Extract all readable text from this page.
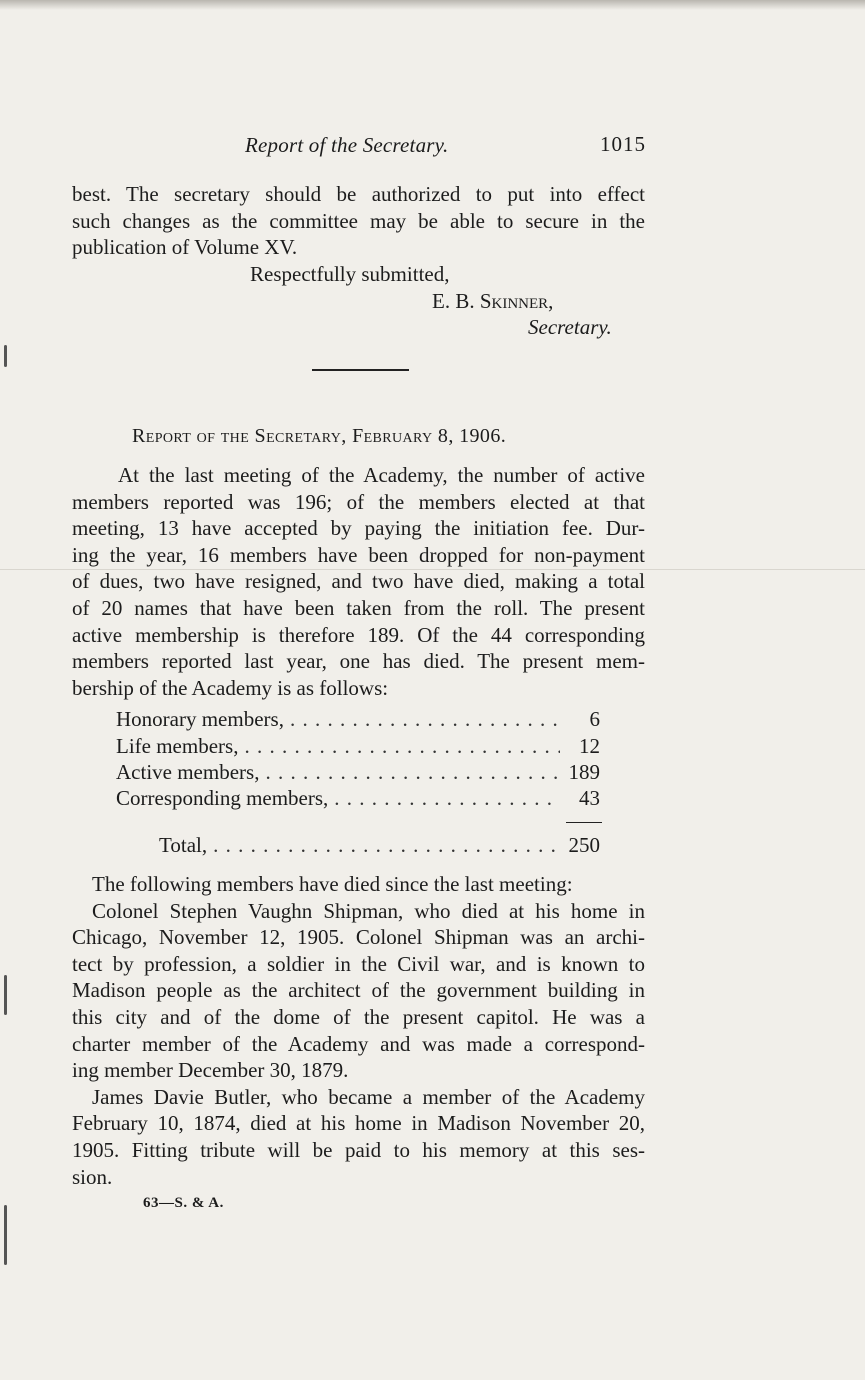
Report of the Secretary.	1015
best. The secretary should be authorized to put into effect
such changes as the committee may be able to secure in the
publication of Volume XV.
Respectfully submitted,
E. B. Skinner,
Secretary.
Report of the Secretary, February 8, 1906.
At the last meeting of the Academy, the number of active
members reported was 196; of the members elected at that
meeting, 13 have accepted by paying the initiation fee. Dur-
ing the year, 16 members have been dropped for non-payment
of dues, two have resigned, and two have died, making a total
of 20 names that have been taken from the roll. The present
active membership is therefore 189. Of the 44 corresponding
members reported last year, one has died. The present mem-
bership of the Academy is as follows:
Honorary members, . . .	6
Life members, . . .	12
Active members, . . .	189
Corresponding members, . . .	43
Total, . . .	250
The following members have died since the last meeting:
Colonel Stephen Vaughn Shipman, who died at his home in
Chicago, November 12, 1905. Colonel Shipman was an archi-
tect by profession, a soldier in the Civil war, and is known to
Madison people as the architect of the government building in
this city and of the dome of the present capitol. He was a
charter member of the Academy and was made a correspond-
ing member December 30, 1879.
James Davie Butler, who became a member of the Academy
February 10, 1874, died at his home in Madison November 20,
1905. Fitting tribute will be paid to his memory at this ses-
sion.
63—S. & A.
